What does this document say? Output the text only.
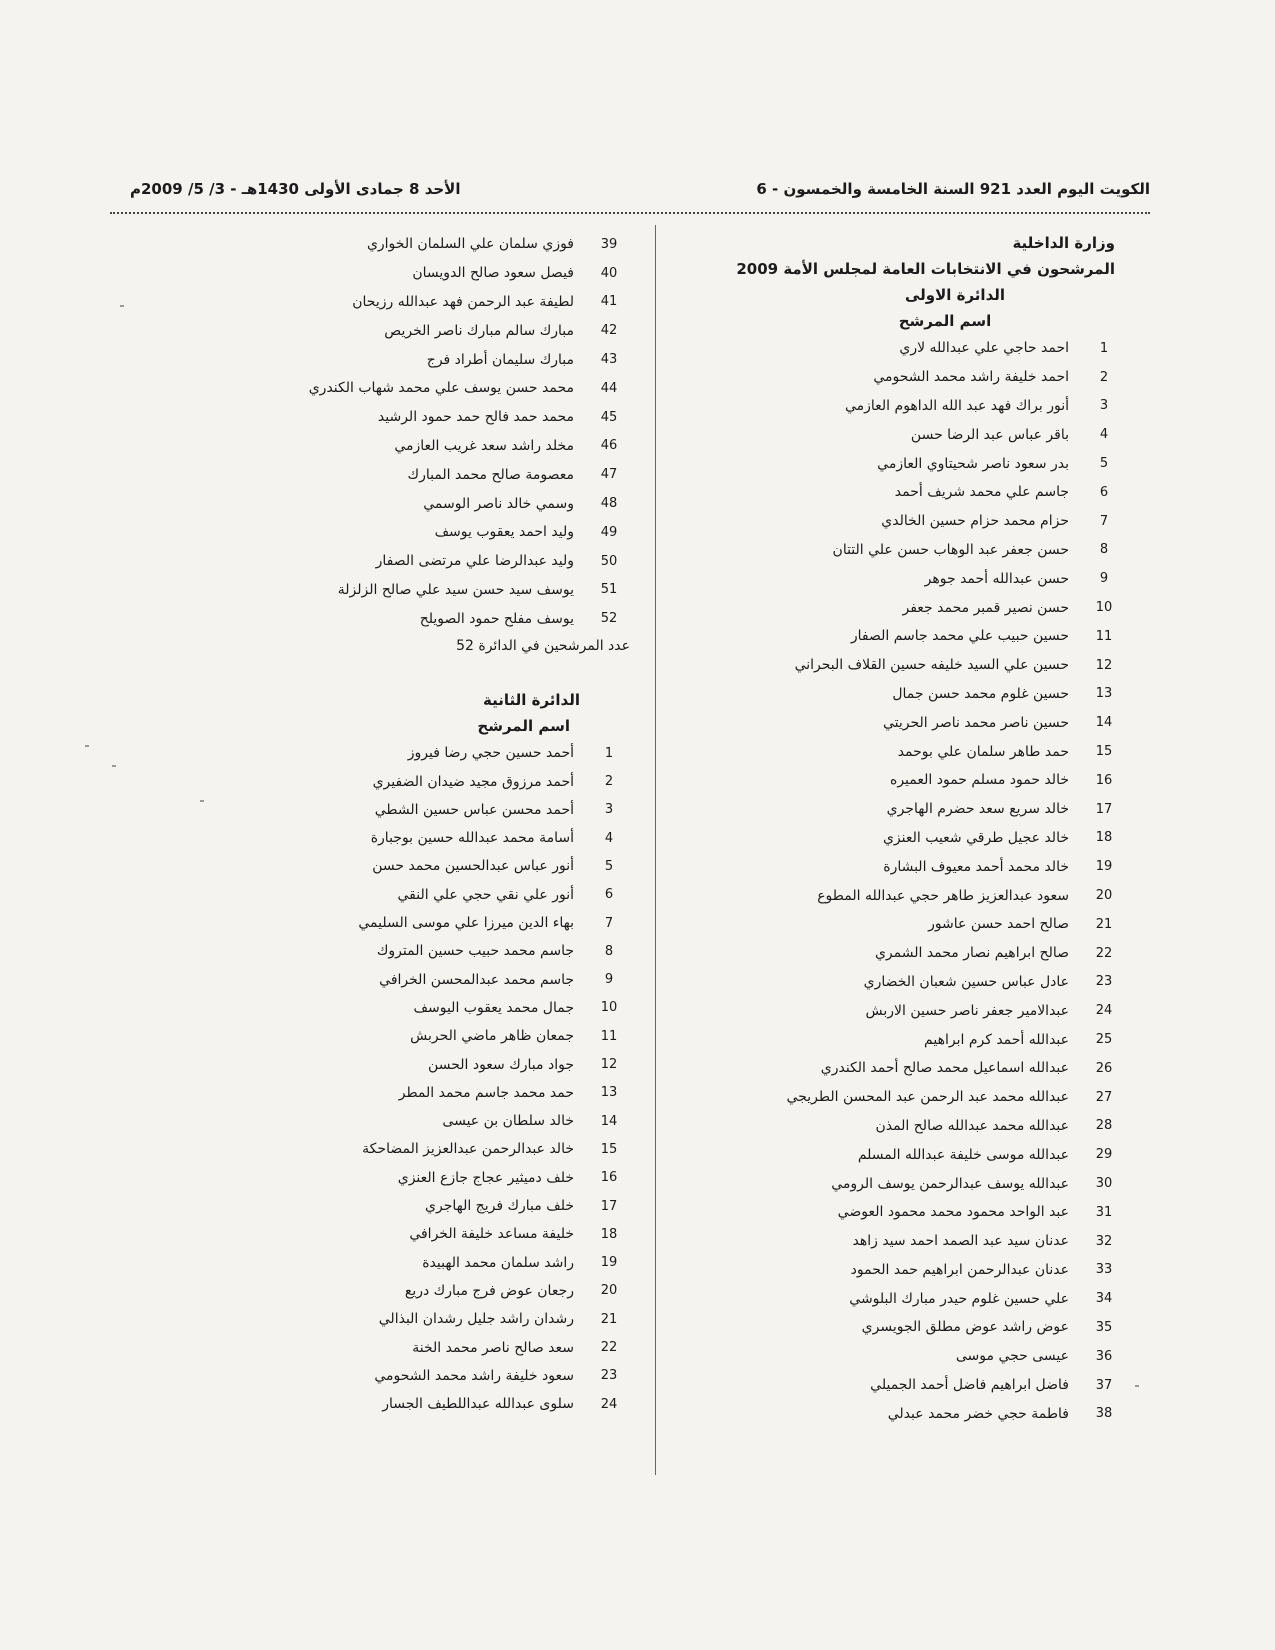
الكويت اليوم العدد 921 السنة الخامسة والخمسون - 6
الأحد 8 جمادى الأولى 1430هـ - 3/ 5/ 2009م
وزارة الداخلية
المرشحون في الانتخابات العامة لمجلس الأمة 2009
الدائرة الاولى
اسم المرشح
1
احمد حاجي علي عبدالله لاري
2
احمد خليفة راشد محمد الشحومي
3
أنور براك فهد عبد الله الداهوم العازمي
4
باقر عباس عبد الرضا حسن
5
بدر سعود ناصر شحيتاوي العازمي
6
جاسم علي محمد شريف أحمد
7
حزام محمد حزام حسين الخالدي
8
حسن جعفر عبد الوهاب حسن علي التتان
9
حسن عبدالله أحمد جوهر
10
حسن نصير قمبر محمد جعفر
11
حسين حبيب علي محمد جاسم الصفار
12
حسين علي السيد خليفه حسين القلاف البحراني
13
حسين غلوم محمد حسن جمال
14
حسين ناصر محمد ناصر الحريتي
15
حمد طاهر سلمان علي بوحمد
16
خالد حمود مسلم حمود العميره
17
خالد سريع سعد حضرم الهاجري
18
خالد عجيل طرقي شعيب العنزي
19
خالد محمد أحمد معيوف البشارة
20
سعود عبدالعزيز طاهر حجي عبدالله المطوع
21
صالح احمد حسن عاشور
22
صالح ابراهيم نصار محمد الشمري
23
عادل عباس حسين شعبان الخضاري
24
عبدالامير جعفر ناصر حسين الاربش
25
عبدالله أحمد كرم ابراهيم
26
عبدالله اسماعيل محمد صالح أحمد الكندري
27
عبدالله محمد عبد الرحمن عبد المحسن الطريجي
28
عبدالله محمد عبدالله صالح المذن
29
عبدالله موسى خليفة عبدالله المسلم
30
عبدالله يوسف عبدالرحمن يوسف الرومي
31
عبد الواحد محمود محمد محمود العوضي
32
عدنان سيد عبد الصمد احمد سيد زاهد
33
عدنان عبدالرحمن ابراهيم حمد الحمود
34
علي حسين غلوم حيدر مبارك البلوشي
35
عوض راشد عوض مطلق الجويسري
36
عيسى حجي موسى
37
فاضل ابراهيم فاضل أحمد الجميلي
38
فاطمة حجي خضر محمد عبدلي
39
فوزي سلمان علي السلمان الخواري
40
فيصل سعود صالح الدويسان
41
لطيفة عبد الرحمن فهد عبدالله رزيحان
42
مبارك سالم مبارك ناصر الخريص
43
مبارك سليمان أطراد فرج
44
محمد حسن يوسف علي محمد شهاب الكندري
45
محمد حمد فالح حمد حمود الرشيد
46
مخلد راشد سعد غريب العازمي
47
معصومة صالح محمد المبارك
48
وسمي خالد ناصر الوسمي
49
وليد احمد يعقوب يوسف
50
وليد عبدالرضا علي مرتضى الصفار
51
يوسف سيد حسن سيد علي صالح الزلزلة
52
يوسف مفلح حمود الصويلح
عدد المرشحين في الدائرة 52
الدائرة الثانية
اسم المرشح
1
أحمد حسين حجي رضا فيروز
2
أحمد مرزوق مجيد ضيدان الضفيري
3
أحمد محسن عباس حسين الشطي
4
أسامة محمد عبدالله حسين بوجبارة
5
أنور عباس عبدالحسين محمد حسن
6
أنور علي نقي حجي علي النقي
7
بهاء الدين ميرزا علي موسى السليمي
8
جاسم محمد حبيب حسين المتروك
9
جاسم محمد عبدالمحسن الخرافي
10
جمال محمد يعقوب اليوسف
11
جمعان ظاهر ماضي الحربش
12
جواد مبارك سعود الحسن
13
حمد محمد جاسم محمد المطر
14
خالد سلطان بن عيسى
15
خالد عبدالرحمن عبدالعزيز المضاحكة
16
خلف دميثير عجاج جازع العنزي
17
خلف مبارك فريج الهاجري
18
خليفة مساعد خليفة الخرافي
19
راشد سلمان محمد الهبيدة
20
رجعان عوض فرج مبارك دريع
21
رشدان راشد جليل رشدان البذالي
22
سعد صالح ناصر محمد الخنة
23
سعود خليفة راشد محمد الشحومي
24
سلوى عبدالله عبداللطيف الجسار
